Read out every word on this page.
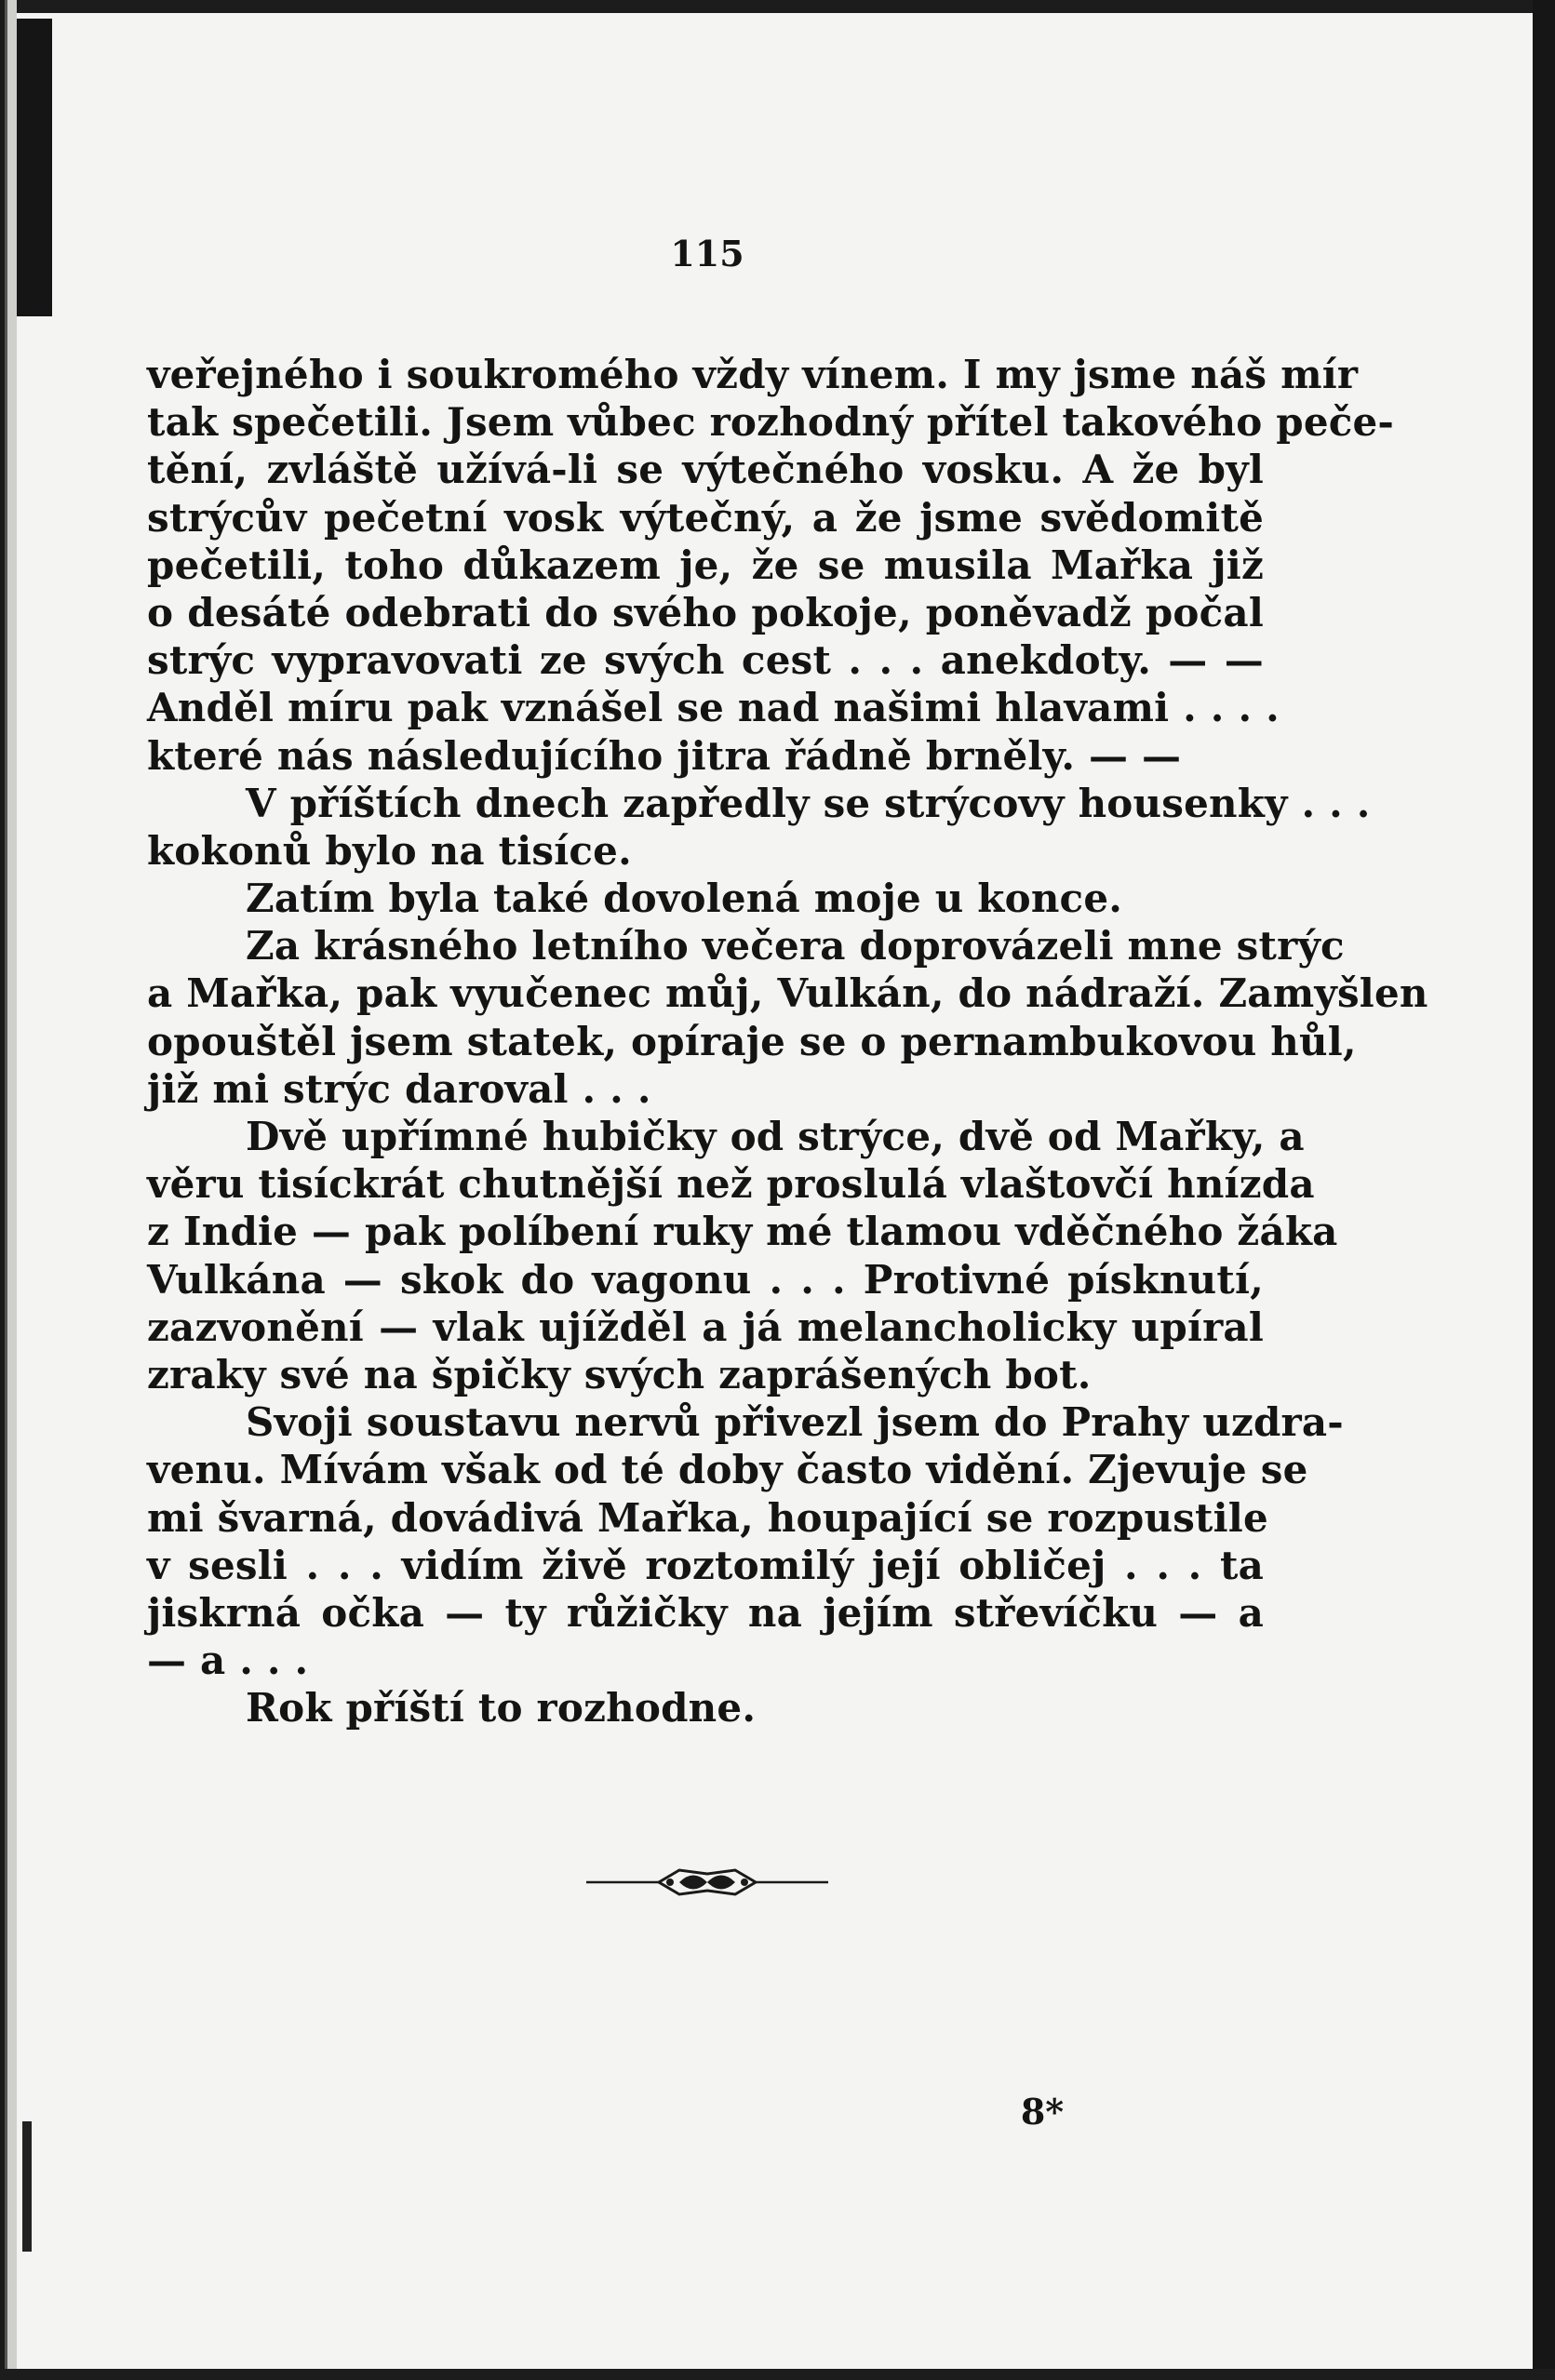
115
veřejného i soukromého vždy vínem. I my jsme náš mír
tak spečetili. Jsem vůbec rozhodný přítel takového peče-
tění, zvláště užívá-li se výtečného vosku. A že byl
strýcův pečetní vosk výtečný, a že jsme svědomitě
pečetili, toho důkazem je, že se musila Mařka již
o desáté odebrati do svého pokoje, poněvadž počal
strýc vypravovati ze svých cest . . . anekdoty. — —
Anděl míru pak vznášel se nad našimi hlavami . . . .
které nás následujícího jitra řádně brněly. — —
V příštích dnech zapředly se strýcovy housenky . . .
kokonů bylo na tisíce.
Zatím byla také dovolená moje u konce.
Za krásného letního večera doprovázeli mne strýc
a Mařka, pak vyučenec můj, Vulkán, do nádraží. Zamyšlen
opouštěl jsem statek, opíraje se o pernambukovou hůl,
již mi strýc daroval . . .
Dvě upřímné hubičky od strýce, dvě od Mařky, a
věru tisíckrát chutnější než proslulá vlaštovčí hnízda
z Indie — pak políbení ruky mé tlamou vděčného žáka
Vulkána — skok do vagonu . . . Protivné písknutí,
zazvonění — vlak ujížděl a já melancholicky upíral
zraky své na špičky svých zaprášených bot.
Svoji soustavu nervů přivezl jsem do Prahy uzdra-
venu. Mívám však od té doby často vidění. Zjevuje se
mi švarná, dovádivá Mařka, houpající se rozpustile
v sesli . . . vidím živě roztomilý její obličej . . . ta
jiskrná očka — ty růžičky na jejím střevíčku — a
— a . . .
Rok příští to rozhodne.
8*
